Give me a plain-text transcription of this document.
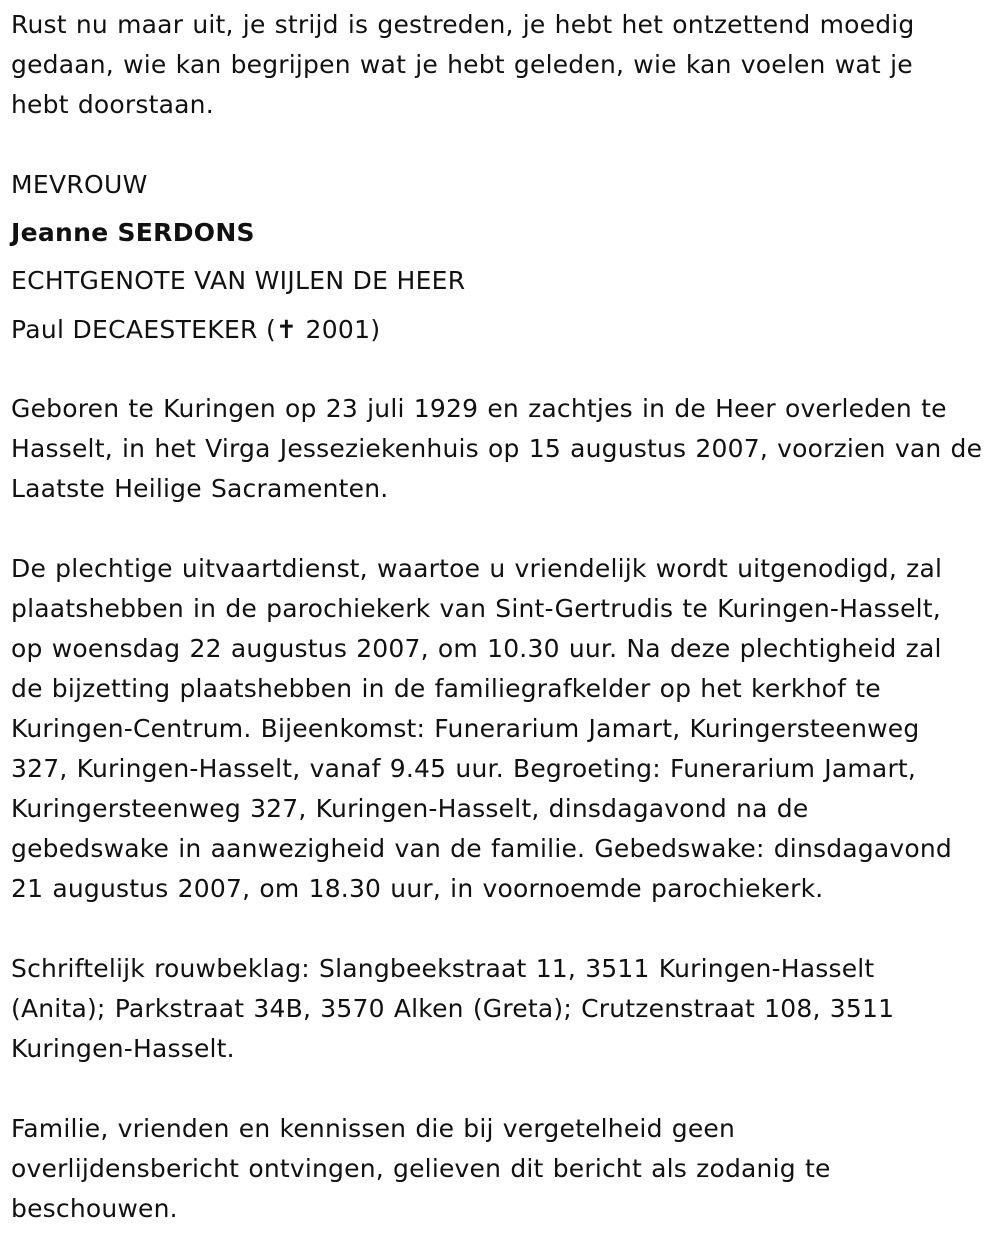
Rust nu maar uit, je strijd is gestreden, je hebt het ontzettend moedig
gedaan, wie kan begrijpen wat je hebt geleden, wie kan voelen wat je
hebt doorstaan.

MEVROUW

Jeanne SERDONS

ECHTGENOTE VAN WIJLEN DE HEER

Paul DECAESTEKER (✝ 2001)

Geboren te Kuringen op 23 juli 1929 en zachtjes in de Heer overleden te
Hasselt, in het Virga Jesseziekenhuis op 15 augustus 2007, voorzien van de
Laatste Heilige Sacramenten.

De plechtige uitvaartdienst, waartoe u vriendelijk wordt uitgenodigd, zal
plaatshebben in de parochiekerk van Sint-Gertrudis te Kuringen-Hasselt,
op woensdag 22 augustus 2007, om 10.30 uur. Na deze plechtigheid zal
de bijzetting plaatshebben in de familiegrafkelder op het kerkhof te
Kuringen-Centrum. Bijeenkomst: Funerarium Jamart, Kuringersteenweg
327, Kuringen-Hasselt, vanaf 9.45 uur. Begroeting: Funerarium Jamart,
Kuringersteenweg 327, Kuringen-Hasselt, dinsdagavond na de
gebedswake in aanwezigheid van de familie. Gebedswake: dinsdagavond
21 augustus 2007, om 18.30 uur, in voornoemde parochiekerk.

Schriftelijk rouwbeklag: Slangbeekstraat 11, 3511 Kuringen-Hasselt
(Anita); Parkstraat 34B, 3570 Alken (Greta); Crutzenstraat 108, 3511
Kuringen-Hasselt.

Familie, vrienden en kennissen die bij vergetelheid geen
overlijdensbericht ontvingen, gelieven dit bericht als zodanig te
beschouwen.
